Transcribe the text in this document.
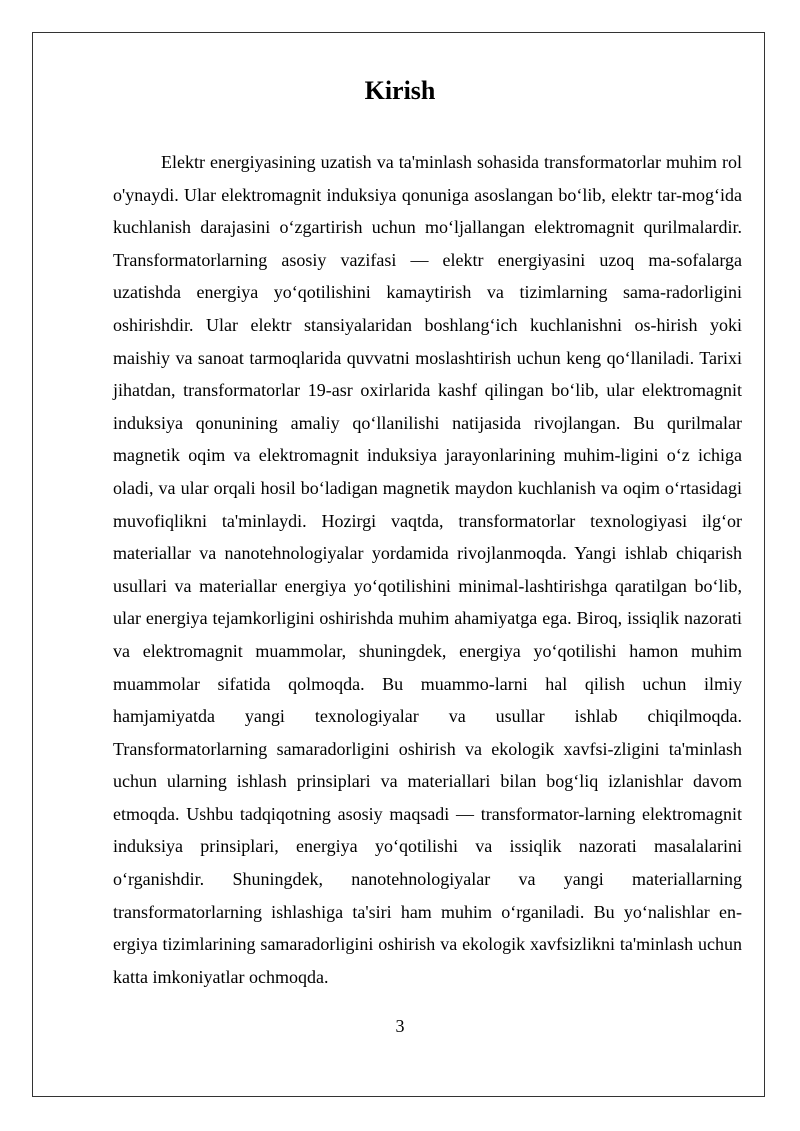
Kirish

Elektr energiyasining uzatish va ta'minlash sohasida transformatorlar muhim rol o'ynaydi. Ular elektromagnit induksiya qonuniga asoslangan bo‘lib, elektr tar-mog‘ida kuchlanish darajasini o‘zgartirish uchun mo‘ljallangan elektromagnit qurilmalardir. Transformatorlarning asosiy vazifasi — elektr energiyasini uzoq ma-sofalarga uzatishda energiya yo‘qotilishini kamaytirish va tizimlarning sama-radorligini oshirishdir. Ular elektr stansiyalaridan boshlang‘ich kuchlanishni os-hirish yoki maishiy va sanoat tarmoqlarida quvvatni moslashtirish uchun keng qo‘llaniladi. Tarixi jihatdan, transformatorlar 19-asr oxirlarida kashf qilingan bo‘lib, ular elektromagnit induksiya qonunining amaliy qo‘llanilishi natijasida rivojlangan. Bu qurilmalar magnetik oqim va elektromagnit induksiya jarayonlarining muhim-ligini o‘z ichiga oladi, va ular orqali hosil bo‘ladigan magnetik maydon kuchlanish va oqim o‘rtasidagi muvofiqlikni ta'minlaydi. Hozirgi vaqtda, transformatorlar texnologiyasi ilg‘or materiallar va nanotehnologiyalar yordamida rivojlanmoqda. Yangi ishlab chiqarish usullari va materiallar energiya yo‘qotilishini minimal-lashtirishga qaratilgan bo‘lib, ular energiya tejamkorligini oshirishda muhim ahamiyatga ega. Biroq, issiqlik nazorati va elektromagnit muammolar, shuningdek, energiya yo‘qotilishi hamon muhim muammolar sifatida qolmoqda. Bu muammo-larni hal qilish uchun ilmiy hamjamiyatda yangi texnologiyalar va usullar ishlab chiqilmoqda. Transformatorlarning samaradorligini oshirish va ekologik xavfsi-zligini ta'minlash uchun ularning ishlash prinsiplari va materiallari bilan bog‘liq izlanishlar davom etmoqda. Ushbu tadqiqotning asosiy maqsadi — transformator-larning elektromagnit induksiya prinsiplari, energiya yo‘qotilishi va issiqlik nazorati masalalarini o‘rganishdir. Shuningdek, nanotehnologiyalar va yangi materiallarning transformatorlarning ishlashiga ta'siri ham muhim o‘rganiladi. Bu yo‘nalishlar en-ergiya tizimlarining samaradorligini oshirish va ekologik xavfsizlikni ta'minlash uchun katta imkoniyatlar ochmoqda.

3
